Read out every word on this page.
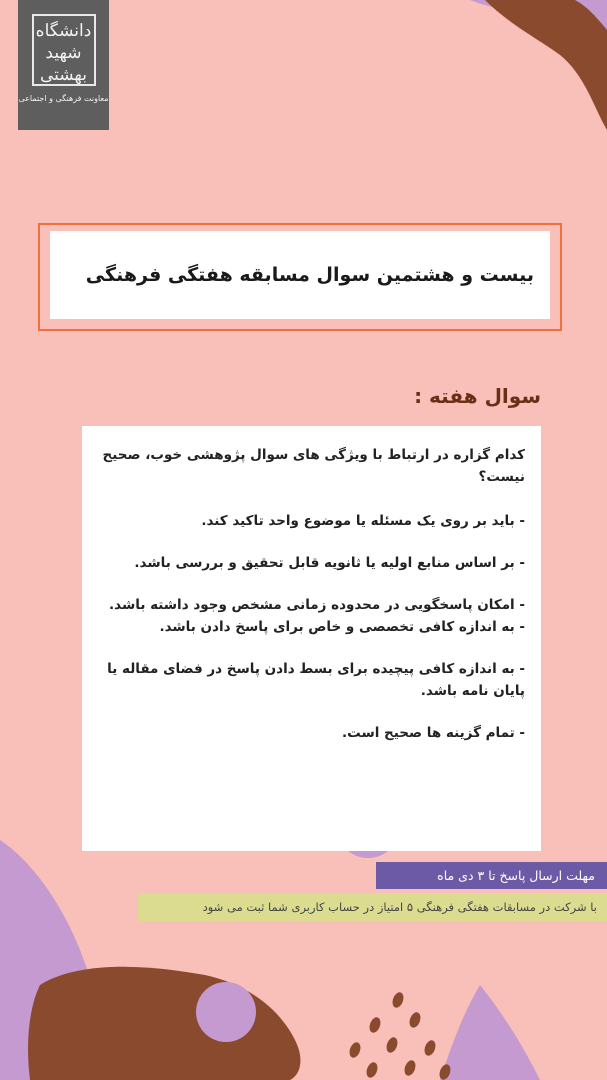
دانشگاه
شهید
بهشتی
معاونت فرهنگی و اجتماعی
بیست و هشتمین سوال مسابقه هفتگی فرهنگی
سوال هفته :

کدام گزاره در ارتباط با ویژگی های سوال پژوهشی خوب، صحیح نیست؟

- باید بر روی یک مسئله یا موضوع واحد تاکید کند.

- بر اساس منابع اولیه یا ثانویه قابل تحقیق و بررسی باشد.

- امکان پاسخگویی در محدوده زمانی مشخص وجود داشته باشد.

- به اندازه کافی تخصصی و خاص برای پاسخ دادن باشد.

- به اندازه کافی پیچیده برای بسط دادن پاسخ در فضای مقاله یا پایان نامه باشد.

- تمام گزینه ها صحیح است.

مهلت ارسال پاسخ تا ۳ دی ماه
با شرکت در مسابقات هفتگی فرهنگی ۵ امتیاز در حساب کاربری شما ثبت می شود
